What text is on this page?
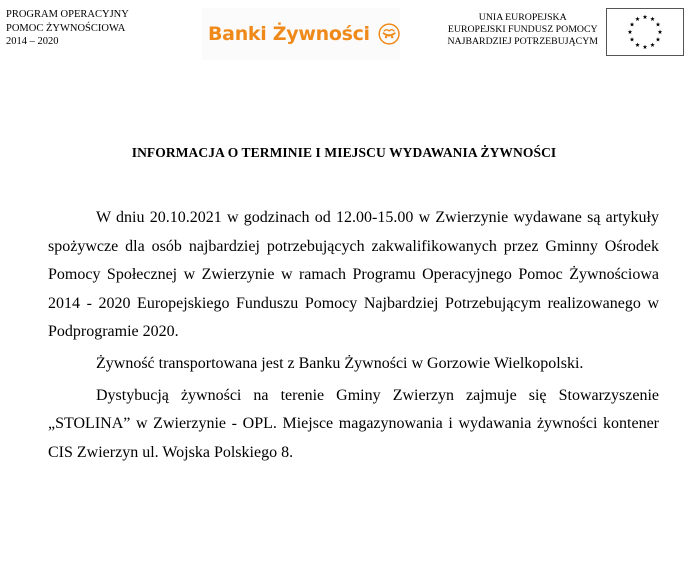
PROGRAM OPERACYJNY
POMOC ŻYWNOŚCIOWA
2014 – 2020	Banki Żywności
UNIA EUROPEJSKA
EUROPEJSKI FUNDUSZ POMOCY
NAJBARDZIEJ POTRZEBUJĄCYM
INFORMACJA O TERMINIE I MIEJSCU WYDAWANIA ŻYWNOŚCI

W dniu 20.10.2021 w godzinach od 12.00-15.00 w Zwierzynie wydawane są artykuły spożywcze dla osób najbardziej potrzebujących zakwalifikowanych przez Gminny Ośrodek Pomocy Społecznej w Zwierzynie w ramach Programu Operacyjnego Pomoc Żywnościowa 2014 - 2020 Europejskiego Funduszu Pomocy Najbardziej Potrzebującym realizowanego w Podprogramie 2020.

Żywność transportowana jest z Banku Żywności w Gorzowie Wielkopolski.

Dystybucją żywności na terenie Gminy Zwierzyn zajmuje się Stowarzyszenie „STOLINA” w Zwierzynie - OPL. Miejsce magazynowania i wydawania żywności kontener CIS Zwierzyn ul. Wojska Polskiego 8.
